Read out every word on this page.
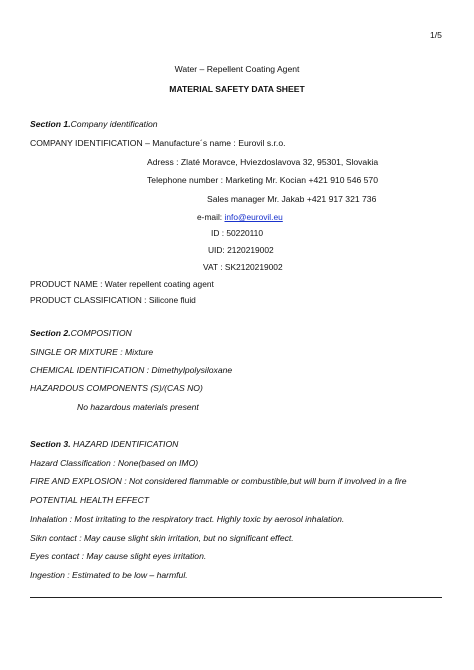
1/5
Water – Repellent Coating Agent
MATERIAL SAFETY DATA SHEET
Section 1.Company identification
COMPANY IDENTIFICATION – Manufacture´s name : Eurovil s.r.o.
Adress : Zlaté Moravce, Hviezdoslavova 32, 95301, Slovakia
Telephone number : Marketing Mr. Kocian +421 910 546 570
Sales manager Mr. Jakab +421 917 321 736
e-mail: info@eurovil.eu
ID : 50220110
UID: 2120219002
VAT : SK2120219002
PRODUCT NAME : Water repellent coating agent
PRODUCT CLASSIFICATION : Silicone fluid
Section 2.COMPOSITION
SINGLE OR MIXTURE : Mixture
CHEMICAL IDENTIFICATION : Dimethylpolysiloxane
HAZARDOUS COMPONENTS (S)/(CAS NO)
No hazardous materials present
Section 3. HAZARD IDENTIFICATION
Hazard Classification : None(based on IMO)
FIRE AND EXPLOSION : Not considered flammable or combustible,but will burn if involved in a fire
POTENTIAL HEALTH EFFECT
Inhalation : Most irritating to the respiratory tract. Highly toxic by aerosol inhalation.
Sikn contact : May cause slight skin irritation, but no significant effect.
Eyes contact : May cause slight eyes irritation.
Ingestion : Estimated to be low – harmful.
